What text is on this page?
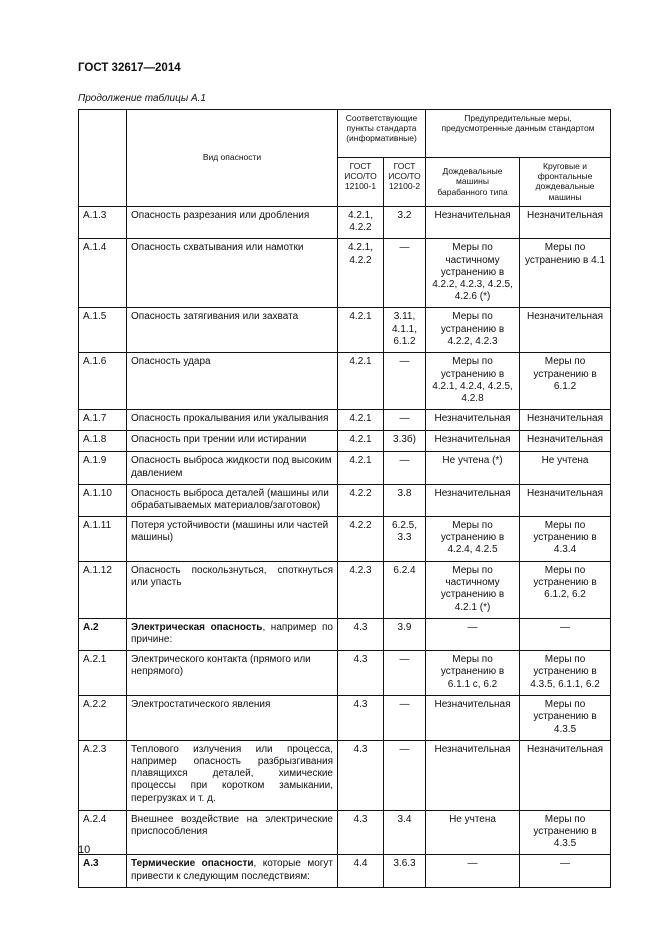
ГОСТ 32617—2014
Продолжение таблицы А.1
	Вид опасности	Соответствующие пункты стандарта (информативные)		Предупредительные меры, предусмотренные данным стандартом	
		ГОСТ ИСО/ТО 12100-1	ГОСТ ИСО/ТО 12100-2	Дождевальные машины барабанного типа	Круговые и фронтальные дождевальные машины
А.1.3	Опасность разрезания или дробления	4.2.1, 4.2.2	3.2	Незначительная	Незначительная
А.1.4	Опасность схватывания или намотки	4.2.1, 4.2.2	—	Меры по частичному устранению в 4.2.2, 4.2.3, 4.2.5, 4.2.6 (*)	Меры по устранению в 4.1
А.1.5	Опасность затягивания или захвата	4.2.1	3.11, 4.1.1, 6.1.2	Меры по устранению в 4.2.2, 4.2.3	Незначительная
А.1.6	Опасность удара	4.2.1	—	Меры по устранению в 4.2.1, 4.2.4, 4.2.5, 4.2.8	Меры по устранению в 6.1.2
А.1.7	Опасность прокалывания или укалывания	4.2.1	—	Незначительная	Незначительная
А.1.8	Опасность при трении или истирании	4.2.1	3.3б)	Незначительная	Незначительная
А.1.9	Опасность выброса жидкости под высоким давлением	4.2.1	—	Не учтена (*)	Не учтена
А.1.10	Опасность выброса деталей (машины или обрабатываемых материалов/заготовок)	4.2.2	3.8	Незначительная	Незначительная
А.1.11	Потеря устойчивости (машины или частей машины)	4.2.2	6.2.5, 3.3	Меры по устранению в 4.2.4, 4.2.5	Меры по устранению в 4.3.4
А.1.12	Опасность поскользнуться, споткнуться или упасть	4.2.3	6.2.4	Меры по частичному устранению в 4.2.1 (*)	Меры по устранению в 6.1.2, 6.2
А.2	Электрическая опасность, например по причине:	4.3	3.9	—	—
А.2.1	Электрического контакта (прямого или непрямого)	4.3	—	Меры по устранению в 6.1.1 с, 6.2	Меры по устранению в 4.3.5, 6.1.1, 6.2
А.2.2	Электростатического явления	4.3	—	Незначительная	Меры по устранению в 4.3.5
А.2.3	Теплового излучения или процесса, например опасность разбрызгивания плавящихся деталей, химические процессы при коротком замыкании, перегрузках и т. д.	4.3	—	Незначительная	Незначительная
А.2.4	Внешнее воздействие на электрические приспособления	4.3	3.4	Не учтена	Меры по устранению в 4.3.5
А.3	Термические опасности, которые могут привести к следующим последствиям:	4.4	3.6.3	—	—
10
